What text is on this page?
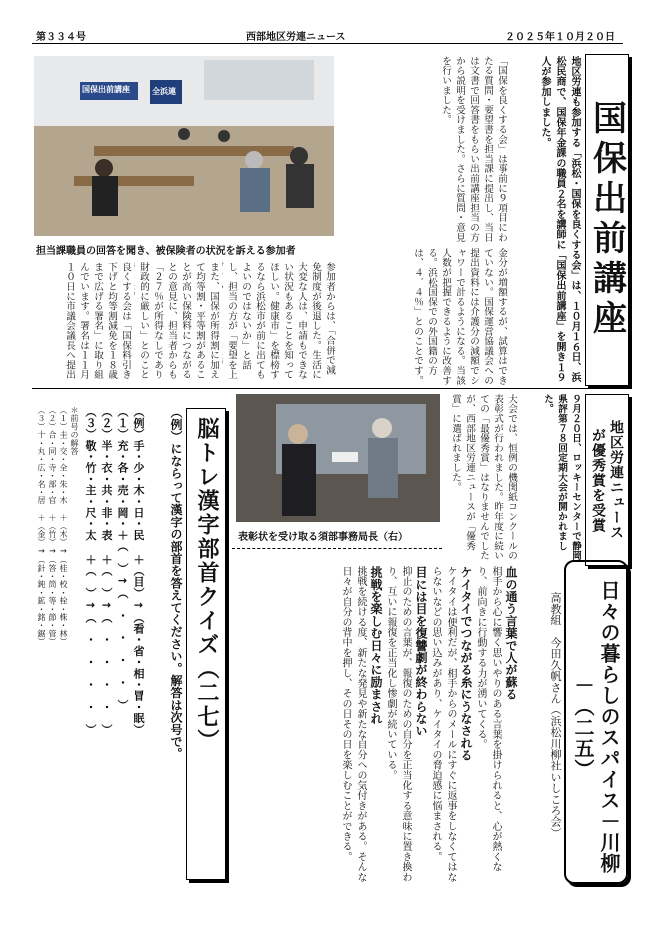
第３３４号	西部地区労連ニュース	２０２５年１０月２０日
国保出前講座
地区労連も参加する「浜松・国保を良くする会」は、１０月１６日、浜松民商で、国保年金課の職員２名を講師に「国保出前講座」を開き１９人が参加しました。
「国保を良くする会」は事前に９項目にわたる質問・要望書を担当課に提出し、当日は文書で回答書をもらい出前講座担当の方から説明を受けました。さらに質問・意見を行いました。
金分が増額するが、試算はできていない。国保運営協議会への提出資料には介護分の減額でシャワーで計るようになる。当該人数が把握できるように改善する。浜松国保での外国籍の方は、４．４％」とのことです。
国保出前講座	全浜連
担当課職員の回答を聞き、被保険者の状況を訴える参加者
参加者からは、「合併で減免制度が後退した。生活に大変な人は、申請もできない状況もあることを知ってほしい。健康市」を標榜するなら浜松市が前に出てもよいのではないか」と話し、担当の方が「要望を上
また、国保が所得割に加えて均等割・平等割があることが高い保険料につながるとの意見に、担当者からも「２７％が所得なしであり財政的に厳しい」とのこと
良くする会は「国保料引き下げと均等割減免を１８歳まで広げる署名」に取り組んでいます。署名は１１月１０日に市議会議長へ提出
地区労連ニュース
が優秀賞を受賞
９月２０日、ロッキーセンターで静岡県評第７８回定期大会が開かれました。
大会では、恒例の機関紙コンクールの表彰式が行われました。昨年度に続いての「最優秀賞」はなりませんでしたが、西部地区労連ニュースが「優秀賞」に選ばれました。
表彰状を受け取る須部事務局長（右）
脳トレ漢字部首クイズ（二七）
（例）にならって漢字の部首を答えてください。解答は次号で。

（例）手・少・木・日・民 ＋（目）→（看・省・相・冒・眠）

（１）充・各・売・岡・＋（　）→（　・　・　・　・　）

（２）半・衣・共・非・表 ＋（　）→（　・　・　・　・　）

（３）敬・竹・主・尺・太 ＋（　）→（　・　・　・　・　）

＊前号の解答

（１）圭・交・全・朱・木 ＋（木）→（桂・校・栓・株・林）

（２）合・同・寺・部・官 ＋（竹）→（答・筒・等・節・管）

（３）十・丸・広・名・居 ＋（金）→（針・鈍・鉱・銘・鋸）

日々の暮らしのスパイス－川柳－（二五）
高教組　今田久帆さん（浜松川柳社いしころ会）

血の通う言葉で人が蘇る

相手から心に響く思いやりのある言葉を掛けられると、心が熱くなり、前向きに行動する力が湧いてくる。

ケイタイでつながる糸にうなされる

ケイタイは便利だが、相手からのメールにすぐに返事をしなくてはならないなどの思い込みがあり、ケイタイの脅迫感に悩まされる。

目には目を復讐劇が終わらない

抑止のための言葉が、報復のための自分を正当化する意味に置き換わり、互いに報復を正当化し惨劇が続いている。

挑戦を楽しむ日々に励まされ

挑戦を続ける度、新たな発見や新たな自分への気付きがある。そんな日々が自分の背中を押し、その日その日を楽しむことができる。
